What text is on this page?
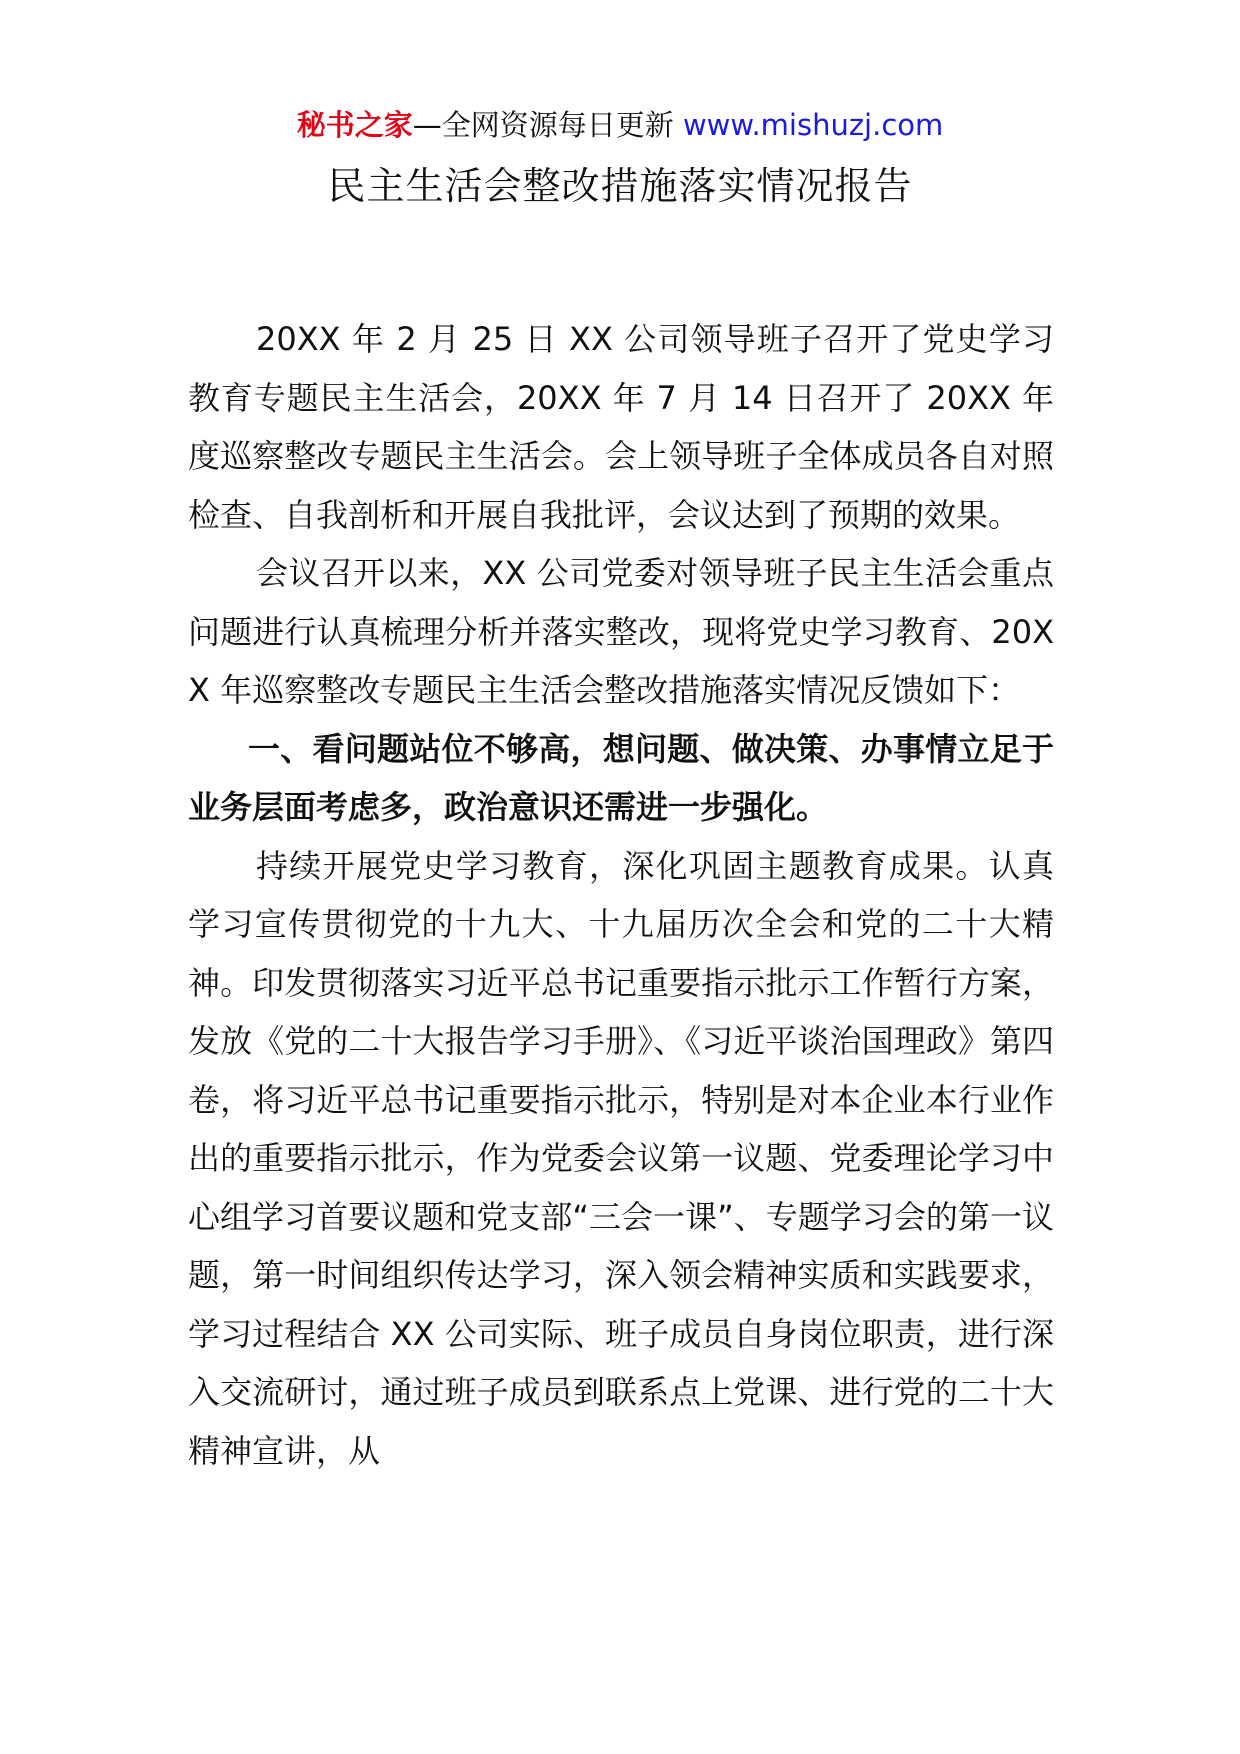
秘书之家—全网资源每日更新 www.mishuzj.com
民主生活会整改措施落实情况报告

20XX 年 2 月 25 日 XX 公司领导班子召开了党史学习教育专题民主生活会，20XX 年 7 月 14 日召开了 20XX 年度巡察整改专题民主生活会。会上领导班子全体成员各自对照检查、自我剖析和开展自我批评，会议达到了预期的效果。

会议召开以来，XX 公司党委对领导班子民主生活会重点问题进行认真梳理分析并落实整改，现将党史学习教育、20XX 年巡察整改专题民主生活会整改措施落实情况反馈如下：

一、看问题站位不够高，想问题、做决策、办事情立足于业务层面考虑多，政治意识还需进一步强化。

持续开展党史学习教育，深化巩固主题教育成果。认真学习宣传贯彻党的十九大、十九届历次全会和党的二十大精神。印发贯彻落实习近平总书记重要指示批示工作暂行方案，发放《党的二十大报告学习手册》、《习近平谈治国理政》第四卷，将习近平总书记重要指示批示，特别是对本企业本行业作出的重要指示批示，作为党委会议第一议题、党委理论学习中心组学习首要议题和党支部“三会一课”、专题学习会的第一议题，第一时间组织传达学习，深入领会精神实质和实践要求，学习过程结合 XX 公司实际、班子成员自身岗位职责，进行深入交流研讨，通过班子成员到联系点上党课、进行党的二十大精神宣讲，从
